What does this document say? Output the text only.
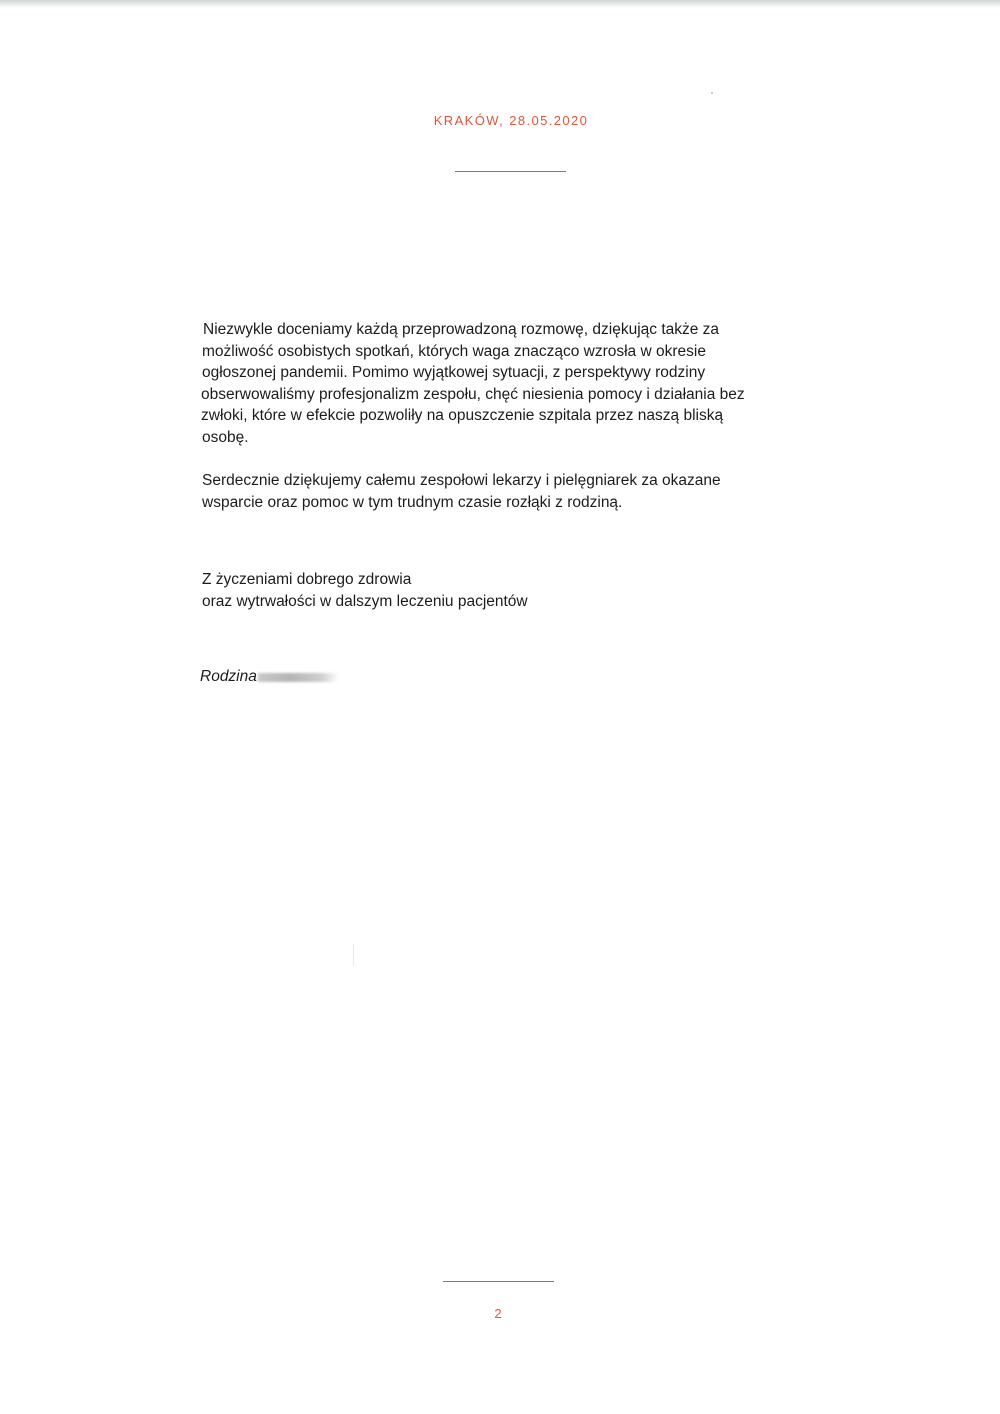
KRAKÓW, 28.05.2020
Niezwykle doceniamy każdą przeprowadzoną rozmowę, dziękując także za
możliwość osobistych spotkań, których waga znacząco wzrosła w okresie
ogłoszonej pandemii. Pomimo wyjątkowej sytuacji, z perspektywy rodziny
obserwowaliśmy profesjonalizm zespołu, chęć niesienia pomocy i działania bez
zwłoki, które w efekcie pozwoliły na opuszczenie szpitala przez naszą bliską
osobę.
Serdecznie dziękujemy całemu zespołowi lekarzy i pielęgniarek za okazane
wsparcie oraz pomoc w tym trudnym czasie rozłąki z rodziną.
Z życzeniami dobrego zdrowia
oraz wytrwałości w dalszym leczeniu pacjentów
Rodzina
2
